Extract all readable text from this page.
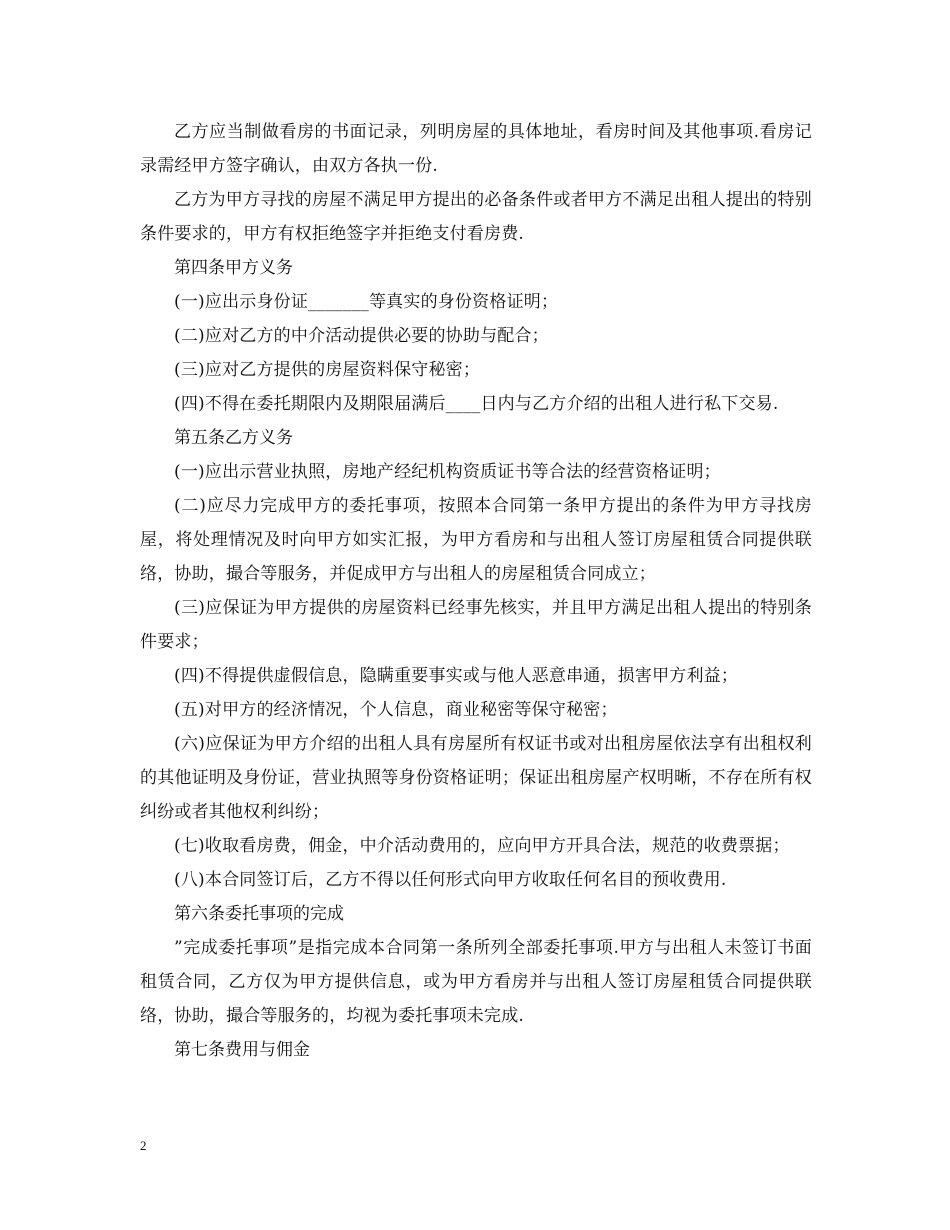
乙方应当制做看房的书面记录，列明房屋的具体地址，看房时间及其他事项.看房记录需经甲方签字确认，由双方各执一份.

乙方为甲方寻找的房屋不满足甲方提出的必备条件或者甲方不满足出租人提出的特别条件要求的，甲方有权拒绝签字并拒绝支付看房费.

第四条甲方义务

(一)应出示身份证_______等真实的身份资格证明；

(二)应对乙方的中介活动提供必要的协助与配合；

(三)应对乙方提供的房屋资料保守秘密；

(四)不得在委托期限内及期限届满后____日内与乙方介绍的出租人进行私下交易.

第五条乙方义务

(一)应出示营业执照，房地产经纪机构资质证书等合法的经营资格证明；

(二)应尽力完成甲方的委托事项，按照本合同第一条甲方提出的条件为甲方寻找房屋，将处理情况及时向甲方如实汇报，为甲方看房和与出租人签订房屋租赁合同提供联络，协助，撮合等服务，并促成甲方与出租人的房屋租赁合同成立；

(三)应保证为甲方提供的房屋资料已经事先核实，并且甲方满足出租人提出的特别条件要求；

(四)不得提供虚假信息，隐瞒重要事实或与他人恶意串通，损害甲方利益；

(五)对甲方的经济情况，个人信息，商业秘密等保守秘密；

(六)应保证为甲方介绍的出租人具有房屋所有权证书或对出租房屋依法享有出租权利的其他证明及身份证，营业执照等身份资格证明；保证出租房屋产权明晰，不存在所有权纠纷或者其他权利纠纷；

(七)收取看房费，佣金，中介活动费用的，应向甲方开具合法，规范的收费票据；

(八)本合同签订后，乙方不得以任何形式向甲方收取任何名目的预收费用.

第六条委托事项的完成

”完成委托事项”是指完成本合同第一条所列全部委托事项.甲方与出租人未签订书面租赁合同，乙方仅为甲方提供信息，或为甲方看房并与出租人签订房屋租赁合同提供联络，协助，撮合等服务的，均视为委托事项未完成.

第七条费用与佣金

2
